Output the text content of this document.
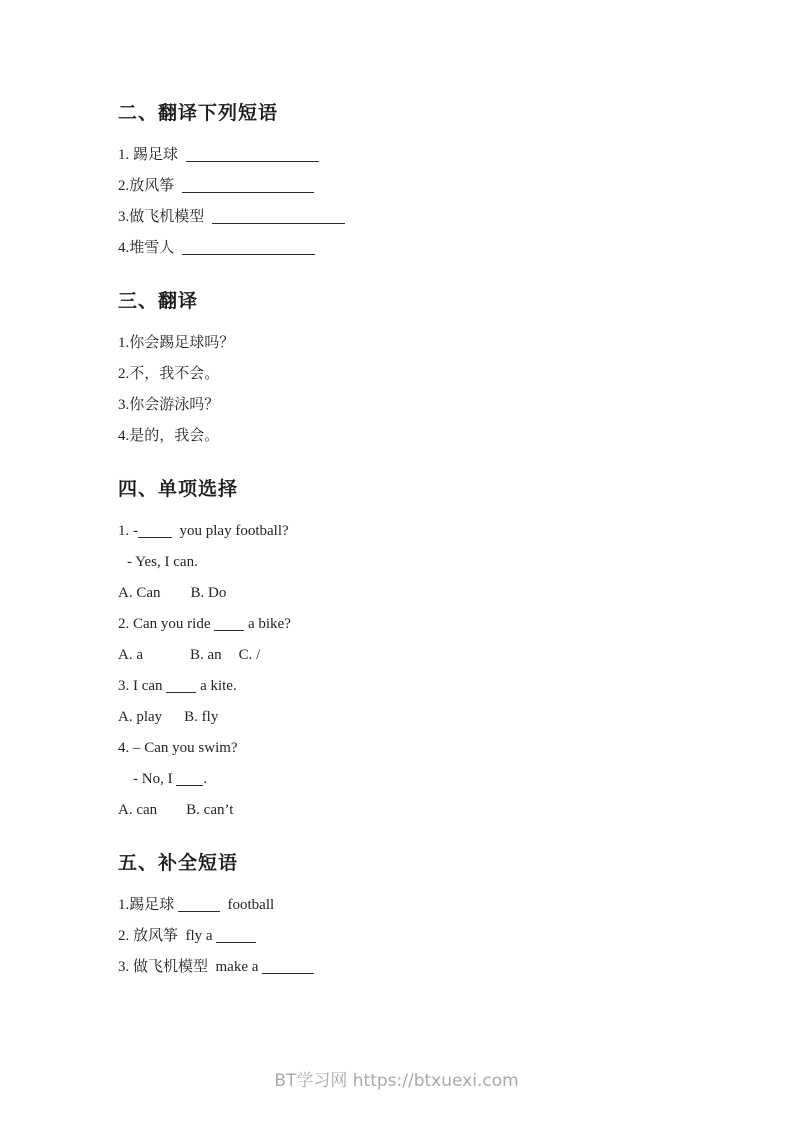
二、翻译下列短语
1. 踢足球
2.放风筝
3.做飞机模型
4.堆雪人
三、翻译
1.你会踢足球吗？
2.不，我不会。
3.你会游泳吗？
4.是的，我会。
四、单项选择
1. -  you play football?
- Yes, I can.
A. Can B. Do
2. Can you ride  a bike?
A. a	B. an C. /
3. I can  a kite.
A. play B. fly
4. – Can you swim?
- No, I .
A. can B. can’t
五、补全短语
1.踢足球	football
2. 放风筝  fly a
3. 做飞机模型  make a
BT学习网 https://btxuexi.com
